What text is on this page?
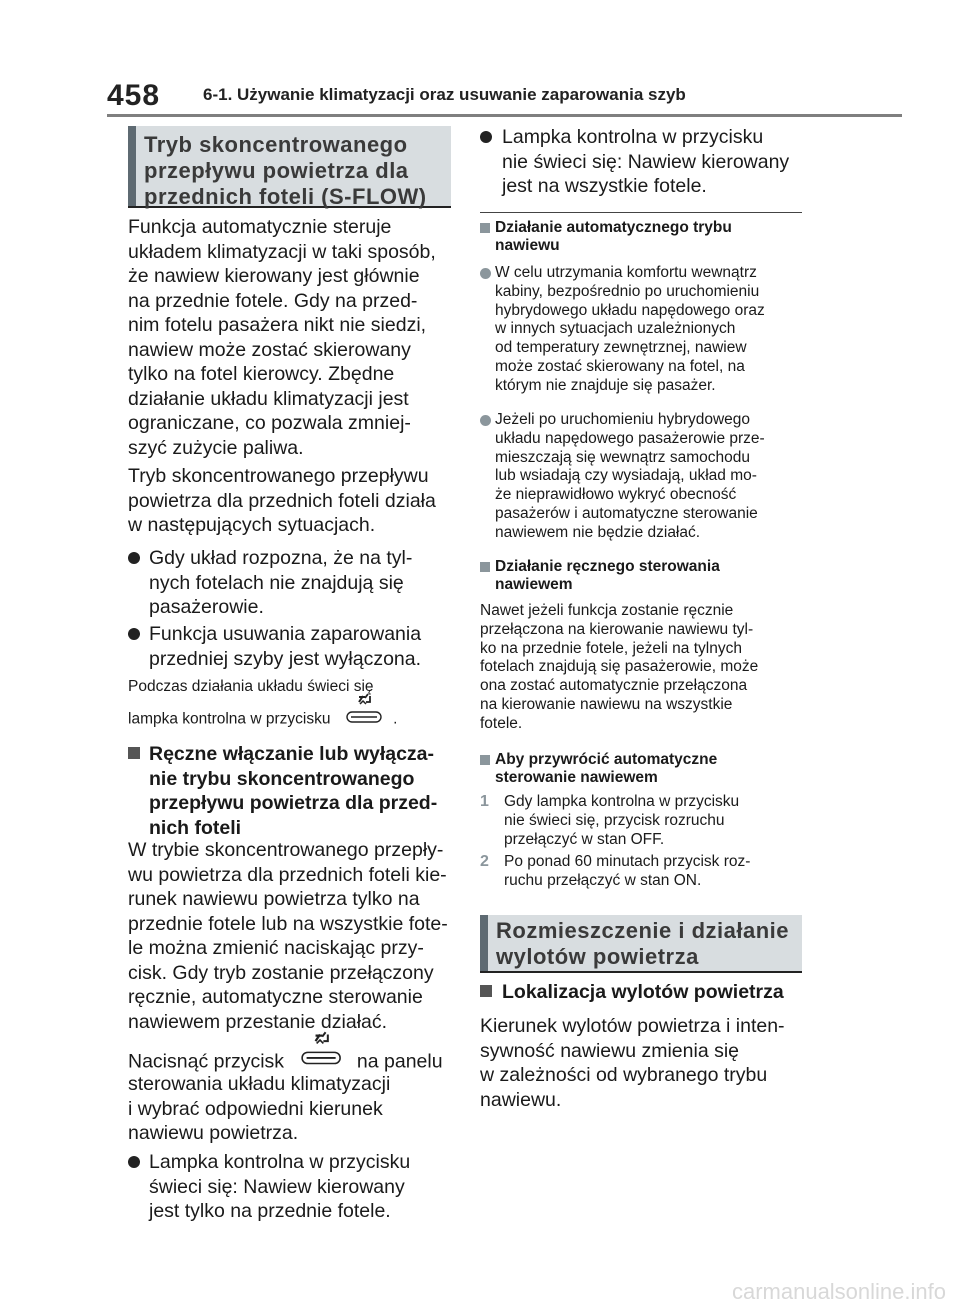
458	6-1. Używanie klimatyzacji oraz usuwanie zaparowania szyb
Tryb skoncentrowanego
przepływu powietrza dla
przednich foteli (S-FLOW)
Funkcja automatycznie steruje
układem klimatyzacji w taki sposób,
że nawiew kierowany jest głównie
na przednie fotele. Gdy na przed-
nim fotelu pasażera nikt nie siedzi,
nawiew może zostać skierowany
tylko na fotel kierowcy. Zbędne
działanie układu klimatyzacji jest
ograniczane, co pozwala zmniej-
szyć zużycie paliwa.
Tryb skoncentrowanego przepływu
powietrza dla przednich foteli działa
w następujących sytuacjach.
Gdy układ rozpozna, że na tyl-
nych fotelach nie znajdują się
pasażerowie.
Funkcja usuwania zaparowania
przedniej szyby jest wyłączona.
Podczas działania układu świeci się
lampka kontrolna w przycisku	.
Ręczne włączanie lub wyłącza-
nie trybu skoncentrowanego
przepływu powietrza dla przed-
nich foteli
W trybie skoncentrowanego przepły-
wu powietrza dla przednich foteli kie-
runek nawiewu powietrza tylko na
przednie fotele lub na wszystkie fote-
le można zmienić naciskając przy-
cisk. Gdy tryb zostanie przełączony
ręcznie, automatyczne sterowanie
nawiewem przestanie działać.
Nacisnąć przycisk	na panelu
sterowania układu klimatyzacji
i wybrać odpowiedni kierunek
nawiewu powietrza.
Lampka kontrolna w przycisku
świeci się: Nawiew kierowany
jest tylko na przednie fotele.
Lampka kontrolna w przycisku
nie świeci się: Nawiew kierowany
jest na wszystkie fotele.
Działanie automatycznego trybu
nawiewu
W celu utrzymania komfortu wewnątrz
kabiny, bezpośrednio po uruchomieniu
hybrydowego układu napędowego oraz
w innych sytuacjach uzależnionych
od temperatury zewnętrznej, nawiew
może zostać skierowany na fotel, na
którym nie znajduje się pasażer.
Jeżeli po uruchomieniu hybrydowego
układu napędowego pasażerowie prze-
mieszczają się wewnątrz samochodu
lub wsiadają czy wysiadają, układ mo-
że nieprawidłowo wykryć obecność
pasażerów i automatyczne sterowanie
nawiewem nie będzie działać.
Działanie ręcznego sterowania
nawiewem
Nawet jeżeli funkcja zostanie ręcznie
przełączona na kierowanie nawiewu tyl-
ko na przednie fotele, jeżeli na tylnych
fotelach znajdują się pasażerowie, może
ona zostać automatycznie przełączona
na kierowanie nawiewu na wszystkie
fotele.
Aby przywrócić automatyczne
sterowanie nawiewem
1 Gdy lampka kontrolna w przycisku
nie świeci się, przycisk rozruchu
przełączyć w stan OFF.
2 Po ponad 60 minutach przycisk roz-
ruchu przełączyć w stan ON.
Rozmieszczenie i działanie
wylotów powietrza
Lokalizacja wylotów powietrza
Kierunek wylotów powietrza i inten-
sywność nawiewu zmienia się
w zależności od wybranego trybu
nawiewu.
carmanualsonline.info
